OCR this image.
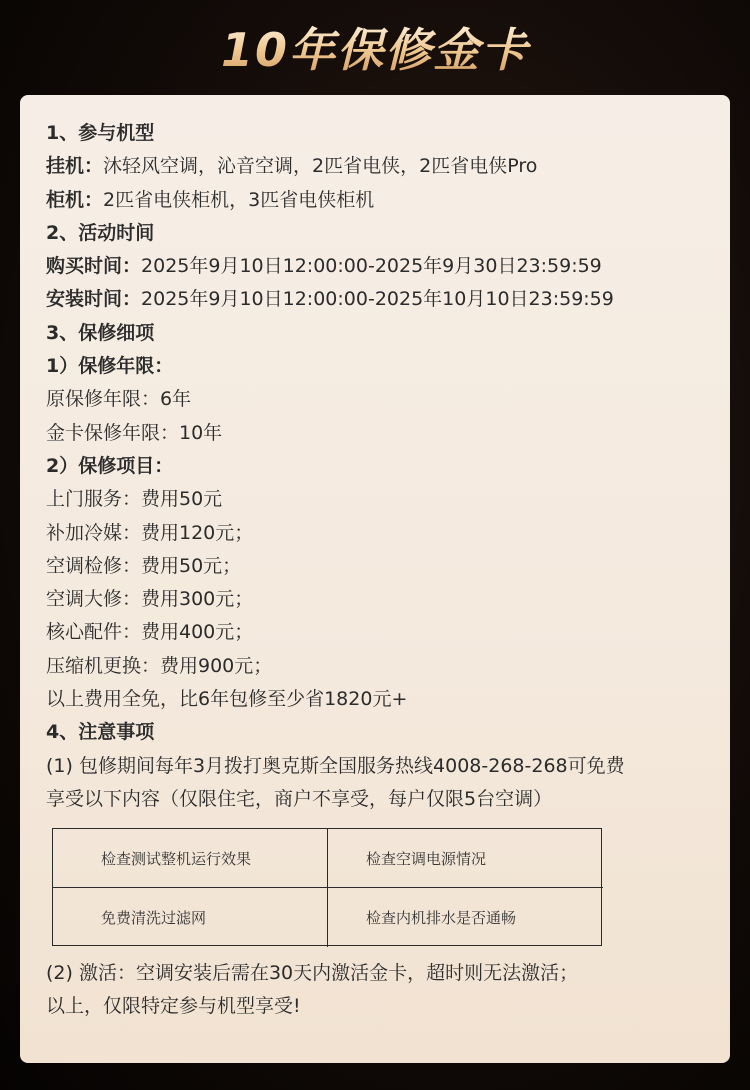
10年保修金卡
1、参与机型
挂机：沐轻风空调，沁音空调，2匹省电侠，2匹省电侠Pro
柜机：2匹省电侠柜机，3匹省电侠柜机
2、活动时间
购买时间：2025年9月10日12:00:00-2025年9月30日23:59:59
安装时间：2025年9月10日12:00:00-2025年10月10日23:59:59
3、保修细项
1）保修年限：
原保修年限：6年
金卡保修年限：10年
2）保修项目：
上门服务：费用50元
补加冷媒：费用120元；
空调检修：费用50元；
空调大修：费用300元；
核心配件：费用400元；
压缩机更换：费用900元；
以上费用全免，比6年包修至少省1820元+
4、注意事项
(1) 包修期间每年3月拨打奥克斯全国服务热线4008-268-268可免费
享受以下内容（仅限住宅，商户不享受，每户仅限5台空调）
检查测试整机运行效果	检查空调电源情况
免费清洗过滤网	检查内机排水是否通畅
(2) 激活：空调安装后需在30天内激活金卡，超时则无法激活；
以上，仅限特定参与机型享受!
